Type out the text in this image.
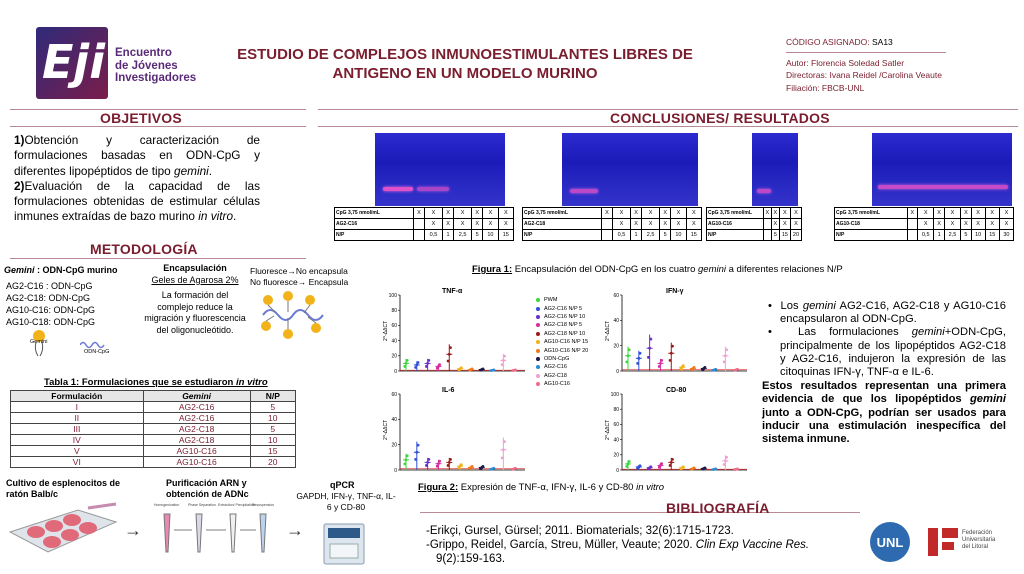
Eji Encuentro
de Jóvenes
Investigadores
ESTUDIO DE COMPLEJOS INMUNOESTIMULANTES LIBRES DE
ANTIGENO EN UN MODELO MURINO
CÓDIGO ASIGNADO: SA13
Autor: Florencia Soledad Satler
Directoras: Ivana Reidel /Carolina Veaute
Filiación: FBCB-UNL
OBJETIVOS
1)Obtención y caracterización de formulaciones basadas en ODN-CpG y diferentes lipopéptidos de tipo gemini.
2)Evaluación de la capacidad de las formulaciones obtenidas de estimular células inmunes extraídas de bazo murino in vitro.
METODOLOGÍA
Gemini : ODN-CpG murino
AG2-C16 : ODN-CpG
AG2-C18: ODN-CpG
AG10-C16: ODN-CpG
AG10-C18: ODN-CpG
Gemini
ODN-CpG
Encapsulación
Geles de Agarosa 2%
La formación del complejo reduce la migración y fluorescencia del oligonucleótido.
Fluoresce→No encapsula
No fluoresce→ Encapsula
Tabla 1: Formulaciones que se estudiaron in vitro
Formulación	Gemini	N/P
I	AG2-C16	5
II	AG2-C16	10
III	AG2-C18	5
IV	AG2-C18	10
V	AG10-C16	15
VI	AG10-C16	20
Cultivo de esplenocitos de ratón Balb/c
→
Purificación ARN y obtención de ADNc
Homogenization Phase Separation Extraction/ Precipitation
Resuspension
→
qPCR
GAPDH, IFN-γ, TNF-α, IL-6 y CD-80
CONCLUSIONES/ RESULTADOS
CpG 3,75 nmol/mL	X	X	X	X	X	X	X
AG2-C16		X	X	X	X	X	X
N/P		0,5	1	2,5	5	10	15
CpG 3,75 nmol/mL	X	X	X	X	X	X	X
AG2-C18		X	X	X	X	X	X
N/P		0,5	1	2,5	5	10	15
CpG 3,75 nmol/mL	X	X	X	X
AG10-C16		X	X	X
N/P		5	15	20
CpG 3,75 nmol/mL	X	X	X	X	X	X	X	X
AG10-C18		X	X	X	X	X	X	X
N/P		0,5	1	2,5	5	10	15	30
Figura 1: Encapsulación del ODN-CpG en los cuatro gemini a diferentes relaciones N/P
0
20
40
60
80
100
TNF-α
2^-ΔΔCT
0
20
40
60
IFN-γ
2^-ΔΔCT
0
20
40
60
IL-6
2^-ΔΔCT
0
20
40
60
80
100
CD-80
2^-ΔΔCT
PWM
AG2-C16 N/P 5
AG2-C16 N/P 10
AG2-C18 N/P 5
AG2-C18 N/P 10
AG10-C16 N/P 15
AG10-C16 N/P 20
ODN-CpG
AG2-C16
AG2-C18
AG10-C16
Figura 2: Expresión de TNF-α, IFN-γ, IL-6 y CD-80 in vitro
•  Los gemini AG2-C16, AG2-C18 y AG10-C16 encapsularon al ODN-CpG.
•  Las formulaciones gemini+ODN-CpG, principalmente de los lipopéptidos AG2-C18 y AG2-C16, indujeron la expresión de las citoquinas IFN-γ, TNF-α e IL-6.
Estos resultados representan una primera evidencia de que los lipopéptidos gemini junto a ODN-CpG, podrían ser usados para inducir una estimulación inespecífica del sistema inmune.
BIBLIOGRAFÍA
-Erikçi, Gursel, Gürsel; 2011. Biomaterials; 32(6):1715-1723.
-Grippo, Reidel, García, Streu, Müller, Veaute; 2020. Clin Exp Vaccine Res.
9(2):159-163.
UNL
Federación
Universitaria
del Litoral
